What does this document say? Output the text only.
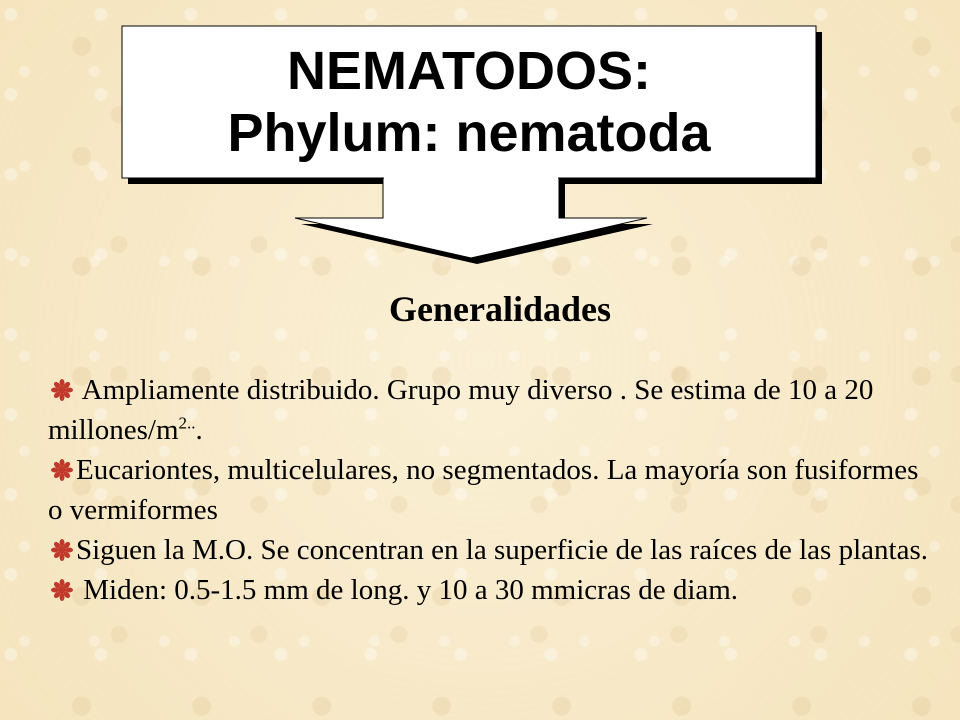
NEMATODOS:
Phylum: nematoda
Generalidades

Ampliamente distribuido. Grupo muy diverso . Se estima de 10 a 20 millones/$m^{2..}$.

Eucariontes, multicelulares, no segmentados. La mayoría son fusiformes o vermiformes

Siguen la M.O. Se concentran en la superficie de las raíces de las plantas.

Miden: 0.5-1.5 mm de long. y 10 a 30 mmicras de diam.
